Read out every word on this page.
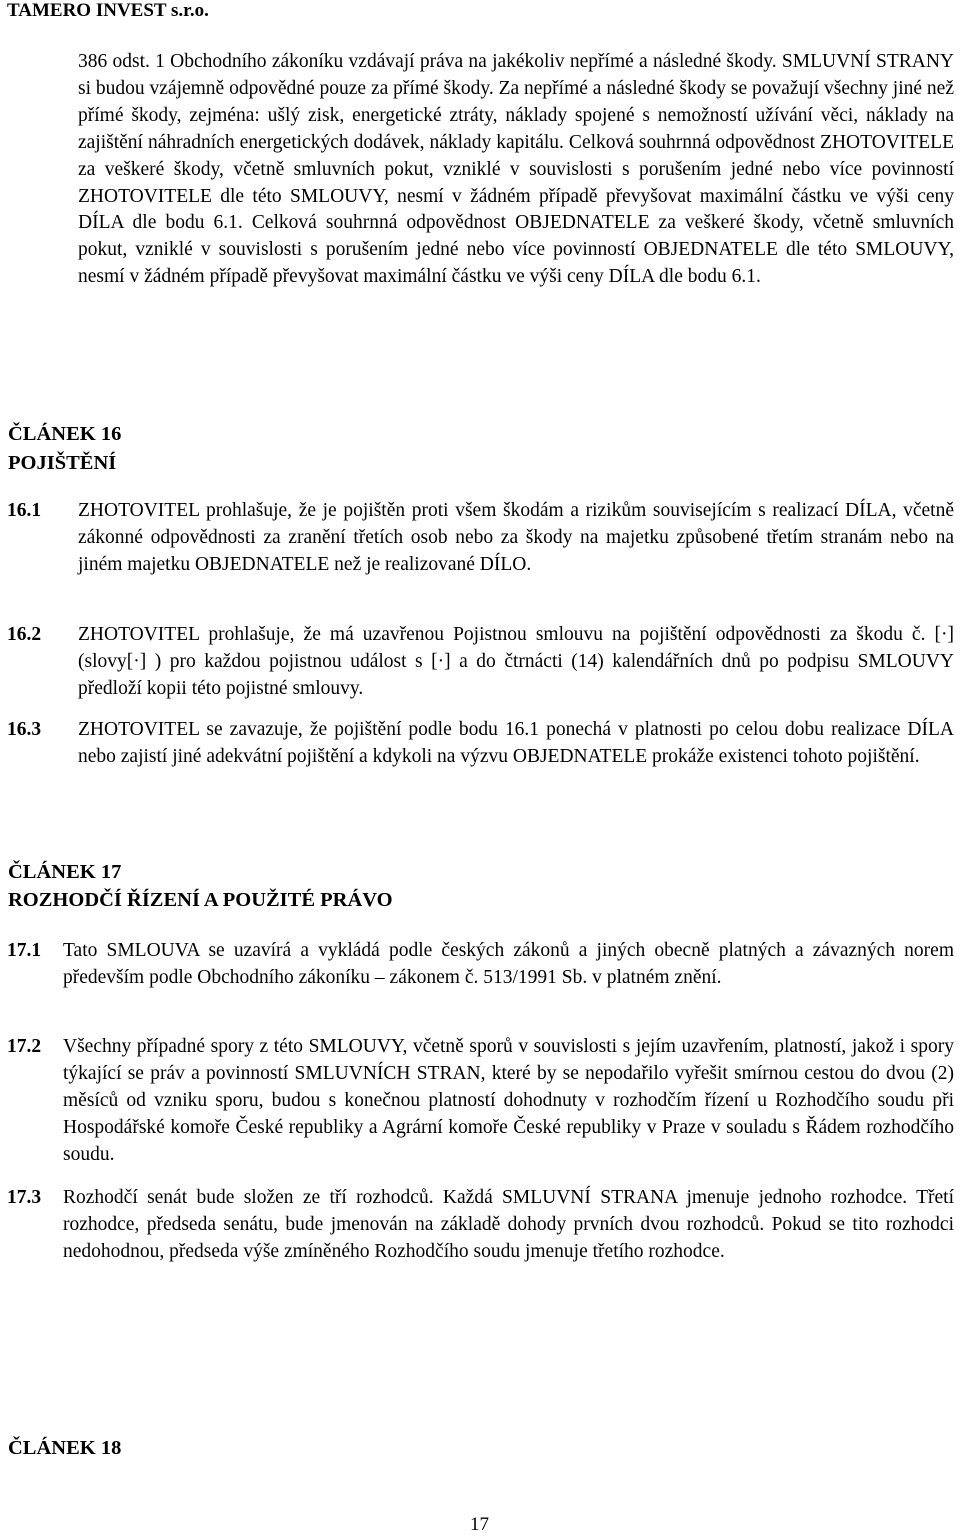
TAMERO INVEST s.r.o.

386 odst. 1 Obchodního zákoníku vzdávají práva na jakékoliv nepřímé a následné škody. SMLUVNÍ STRANY si budou vzájemně odpovědné pouze za přímé škody. Za nepřímé a následné škody se považují všechny jiné než přímé škody, zejména: ušlý zisk, energetické ztráty, náklady spojené s nemožností užívání věci, náklady na zajištění náhradních energetických dodávek, náklady kapitálu. Celková souhrnná odpovědnost ZHOTOVITELE za veškeré škody, včetně smluvních pokut, vzniklé v souvislosti s porušením jedné nebo více povinností ZHOTOVITELE dle této SMLOUVY, nesmí v žádném případě převyšovat maximální částku ve výši ceny DÍLA dle bodu 6.1. Celková souhrnná odpovědnost OBJEDNATELE za veškeré škody, včetně smluvních pokut, vzniklé v souvislosti s porušením jedné nebo více povinností OBJEDNATELE dle této SMLOUVY, nesmí v žádném případě převyšovat maximální částku ve výši ceny DÍLA dle bodu 6.1.

ČLÁNEK 16
POJIŠTĚNÍ
16.1 ZHOTOVITEL prohlašuje, že je pojištěn proti všem škodám a rizikům souvisejícím s realizací DÍLA, včetně zákonné odpovědnosti za zranění třetích osob nebo za škody na majetku způsobené třetím stranám nebo na jiném majetku OBJEDNATELE než je realizované DÍLO.

16.2 ZHOTOVITEL prohlašuje, že má uzavřenou Pojistnou smlouvu na pojištění odpovědnosti za škodu č. [·] (slovy[·] ) pro každou pojistnou událost s [·] a do čtrnácti (14) kalendářních dnů po podpisu SMLOUVY předloží kopii této pojistné smlouvy.

16.3 ZHOTOVITEL se zavazuje, že pojištění podle bodu 16.1 ponechá v platnosti po celou dobu realizace DÍLA nebo zajistí jiné adekvátní pojištění a kdykoli na výzvu OBJEDNATELE prokáže existenci tohoto pojištění.

ČLÁNEK 17
ROZHODČÍ ŘÍZENÍ A POUŽITÉ PRÁVO
17.1 Tato SMLOUVA se uzavírá a vykládá podle českých zákonů a jiných obecně platných a závazných norem především podle Obchodního zákoníku – zákonem č. 513/1991 Sb. v platném znění.

17.2 Všechny případné spory z této SMLOUVY, včetně sporů v souvislosti s jejím uzavřením, platností, jakož i spory týkající se práv a povinností SMLUVNÍCH STRAN, které by se nepodařilo vyřešit smírnou cestou do dvou (2) měsíců od vzniku sporu, budou s konečnou platností dohodnuty v rozhodčím řízení u Rozhodčího soudu při Hospodářské komoře České republiky a Agrární komoře České republiky v Praze v souladu s Řádem rozhodčího soudu.

17.3 Rozhodčí senát bude složen ze tří rozhodců. Každá SMLUVNÍ STRANA jmenuje jednoho rozhodce. Třetí rozhodce, předseda senátu, bude jmenován na základě dohody prvních dvou rozhodců. Pokud se tito rozhodci nedohodnou, předseda výše zmíněného Rozhodčího soudu jmenuje třetího rozhodce.

ČLÁNEK 18
17
